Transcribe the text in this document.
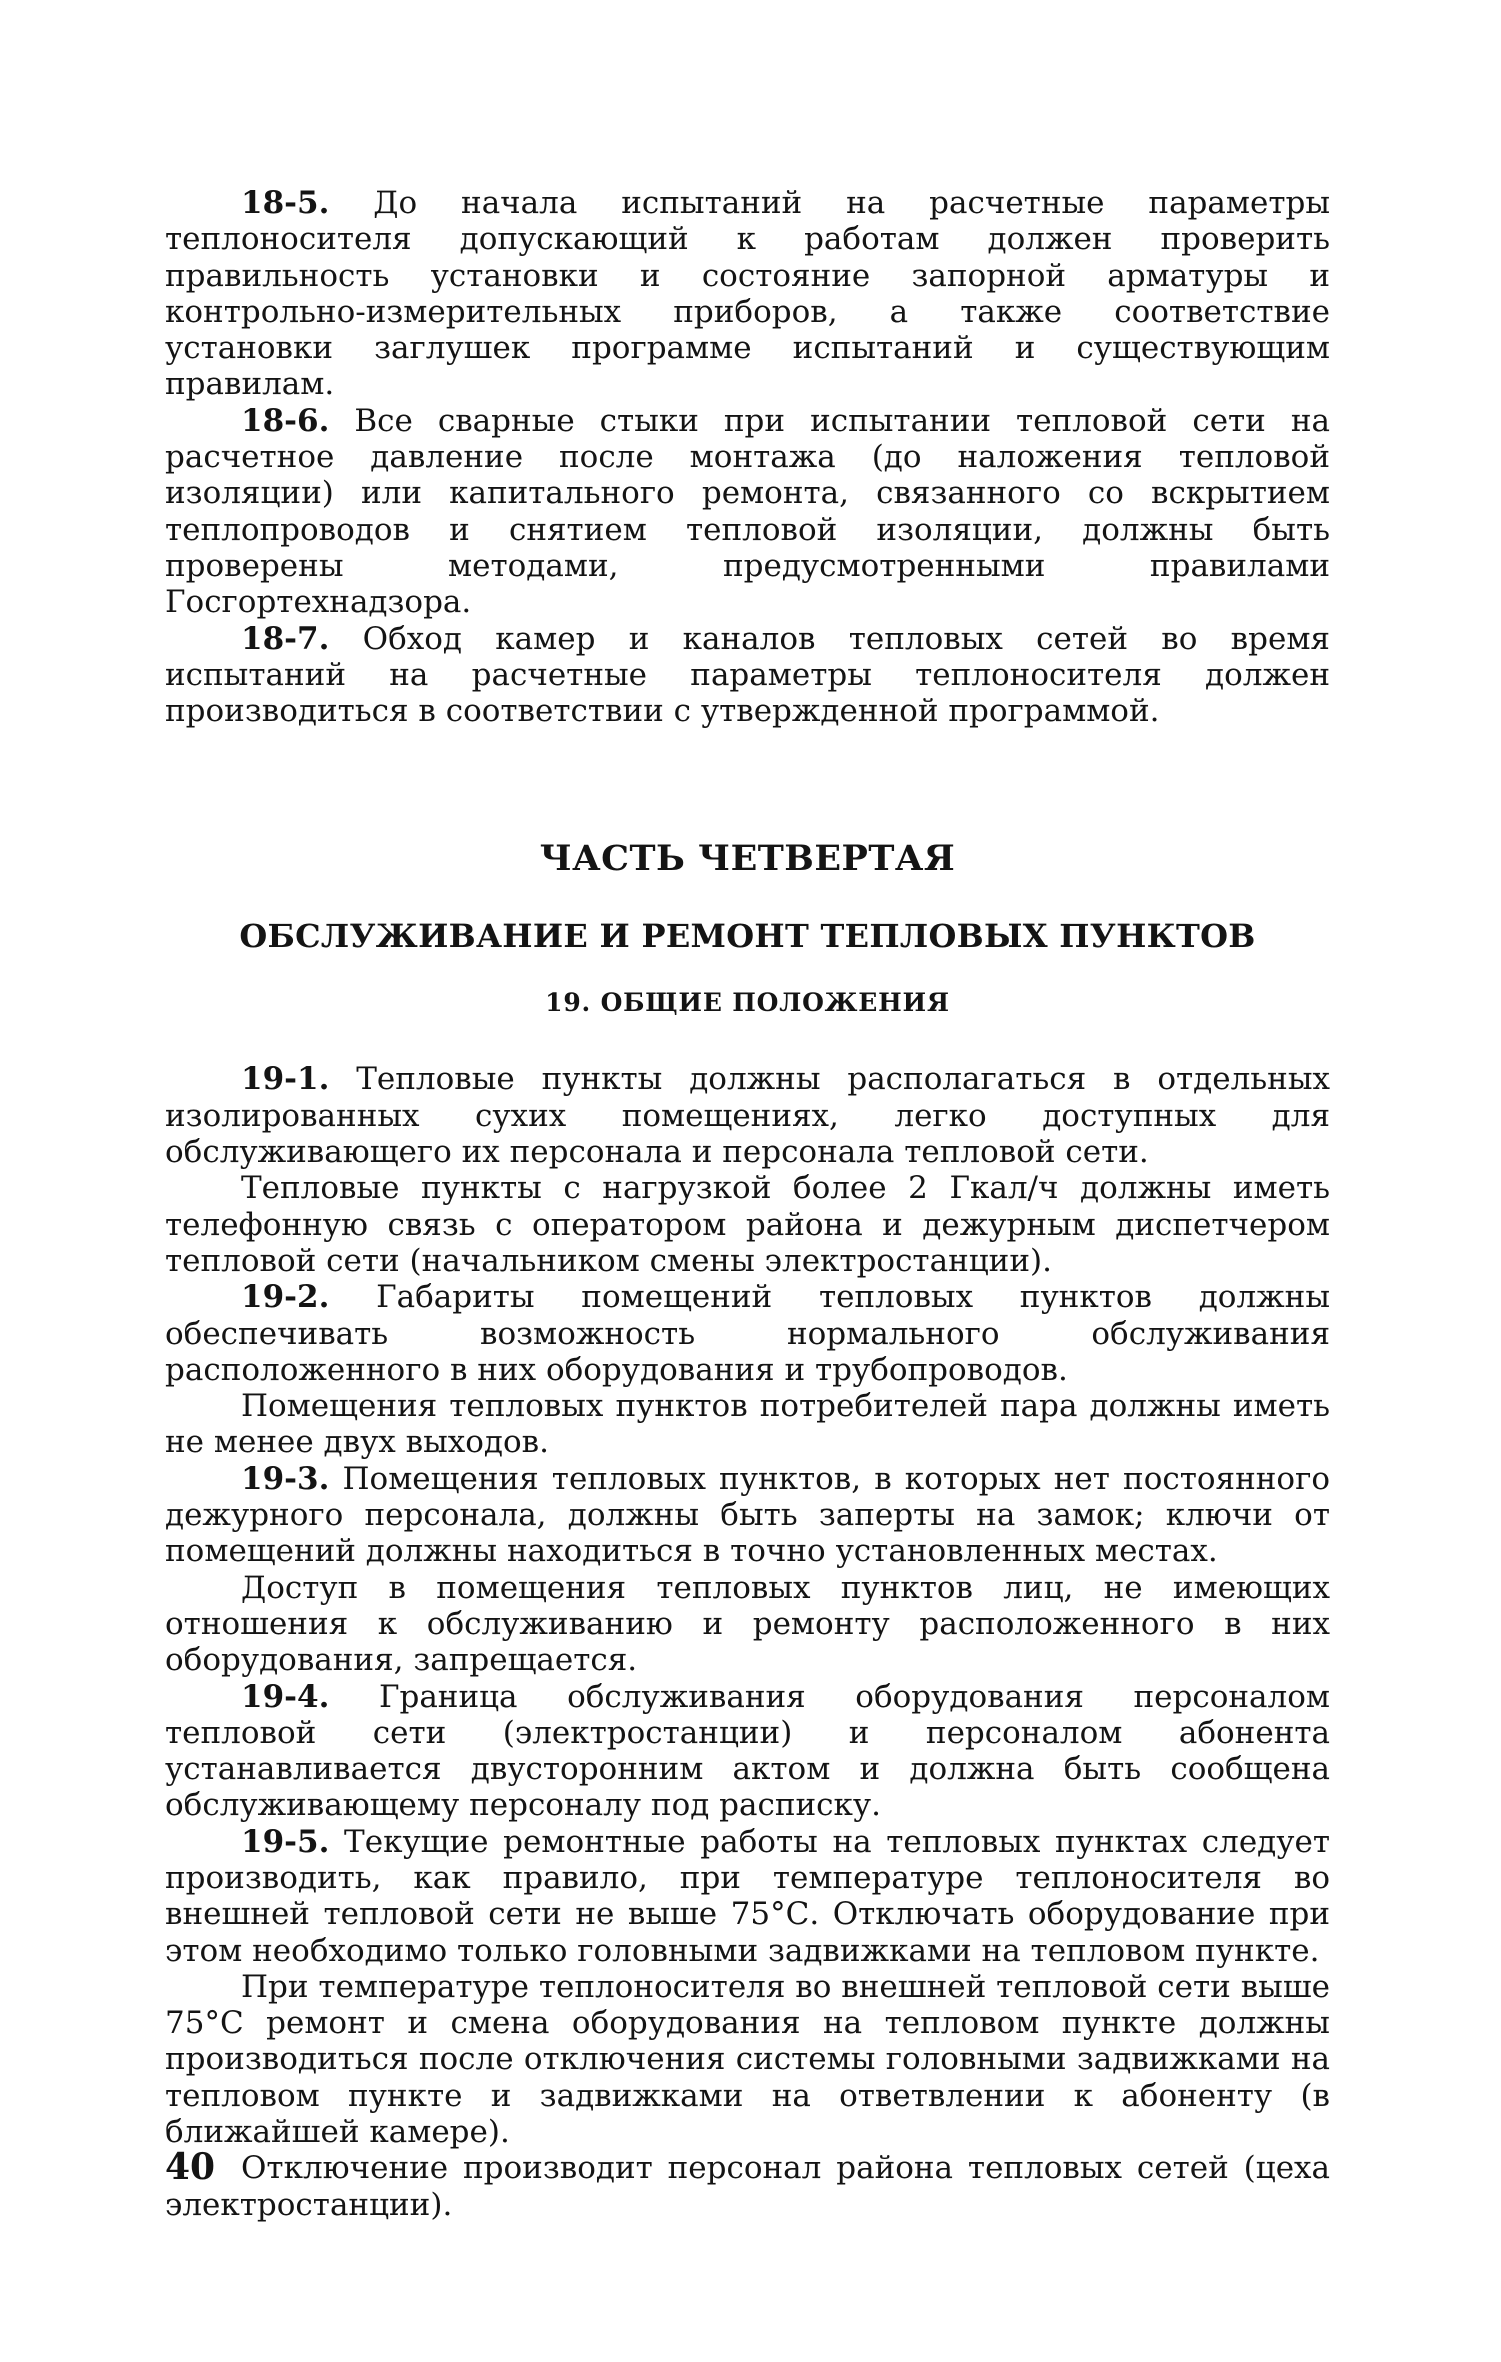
18-5. До начала испытаний на расчетные параметры теплоносителя допускающий к работам должен проверить правильность установки и состояние запорной арматуры и контрольно-измерительных приборов, а также соответствие установки заглушек программе испытаний и существующим правилам.

18-6. Все сварные стыки при испытании тепловой сети на расчетное давление после монтажа (до наложения тепловой изоляции) или капитального ремонта, связанного со вскрытием теплопроводов и снятием тепловой изоляции, должны быть проверены методами, предусмотренными правилами Госгортехнадзора.

18-7. Обход камер и каналов тепловых сетей во время испытаний на расчетные параметры теплоносителя должен производиться в соответствии с утвержденной программой.

ЧАСТЬ ЧЕТВЕРТАЯ
ОБСЛУЖИВАНИЕ И РЕМОНТ ТЕПЛОВЫХ ПУНКТОВ
19. ОБЩИЕ ПОЛОЖЕНИЯ

19-1. Тепловые пункты должны располагаться в отдельных изолированных сухих помещениях, легко доступных для обслуживающего их персонала и персонала тепловой сети.

Тепловые пункты с нагрузкой более 2 Гкал/ч должны иметь телефонную связь с оператором района и дежурным диспетчером тепловой сети (начальником смены электростанции).

19-2. Габариты помещений тепловых пунктов должны обеспечивать возможность нормального обслуживания расположенного в них оборудования и трубопроводов.

Помещения тепловых пунктов потребителей пара должны иметь не менее двух выходов.

19-3. Помещения тепловых пунктов, в которых нет постоянного дежурного персонала, должны быть заперты на замок; ключи от помещений должны находиться в точно установленных местах.

Доступ в помещения тепловых пунктов лиц, не имеющих отношения к обслуживанию и ремонту расположенного в них оборудования, запрещается.

19-4. Граница обслуживания оборудования персоналом тепловой сети (электростанции) и персоналом абонента устанавливается двусторонним актом и должна быть сообщена обслуживающему персоналу под расписку.

19-5. Текущие ремонтные работы на тепловых пунктах следует производить, как правило, при температуре теплоносителя во внешней тепловой сети не выше 75°С. Отключать оборудование при этом необходимо только головными задвижками на тепловом пункте.

При температуре теплоносителя во внешней тепловой сети выше 75°С ремонт и смена оборудования на тепловом пункте должны производиться после отключения системы головными задвижками на тепловом пункте и задвижками на ответвлении к абоненту (в ближайшей камере).

Отключение производит персонал района тепловых сетей (цеха электростанции).

40
